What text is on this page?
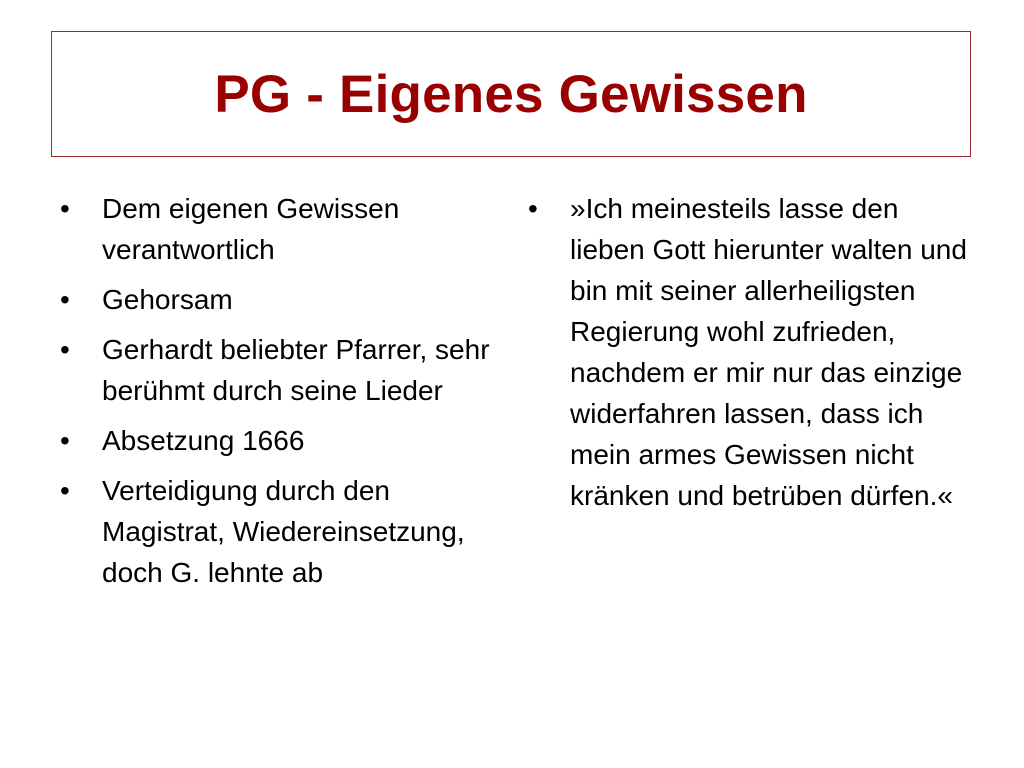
PG - Eigenes Gewissen
•	Dem eigenen Gewissen verantwortlich
•	Gehorsam
•	Gerhardt beliebter Pfarrer, sehr berühmt durch seine Lieder
•	Absetzung 1666
•	Verteidigung durch den Magistrat, Wiedereinsetzung, doch G. lehnte ab
•	»Ich meinesteils lasse den lieben Gott hierunter walten und bin mit seiner allerheiligsten Regierung wohl zufrieden, nachdem er mir nur das einzige widerfahren lassen, dass ich mein armes Gewissen nicht kränken und betrüben dürfen.«
